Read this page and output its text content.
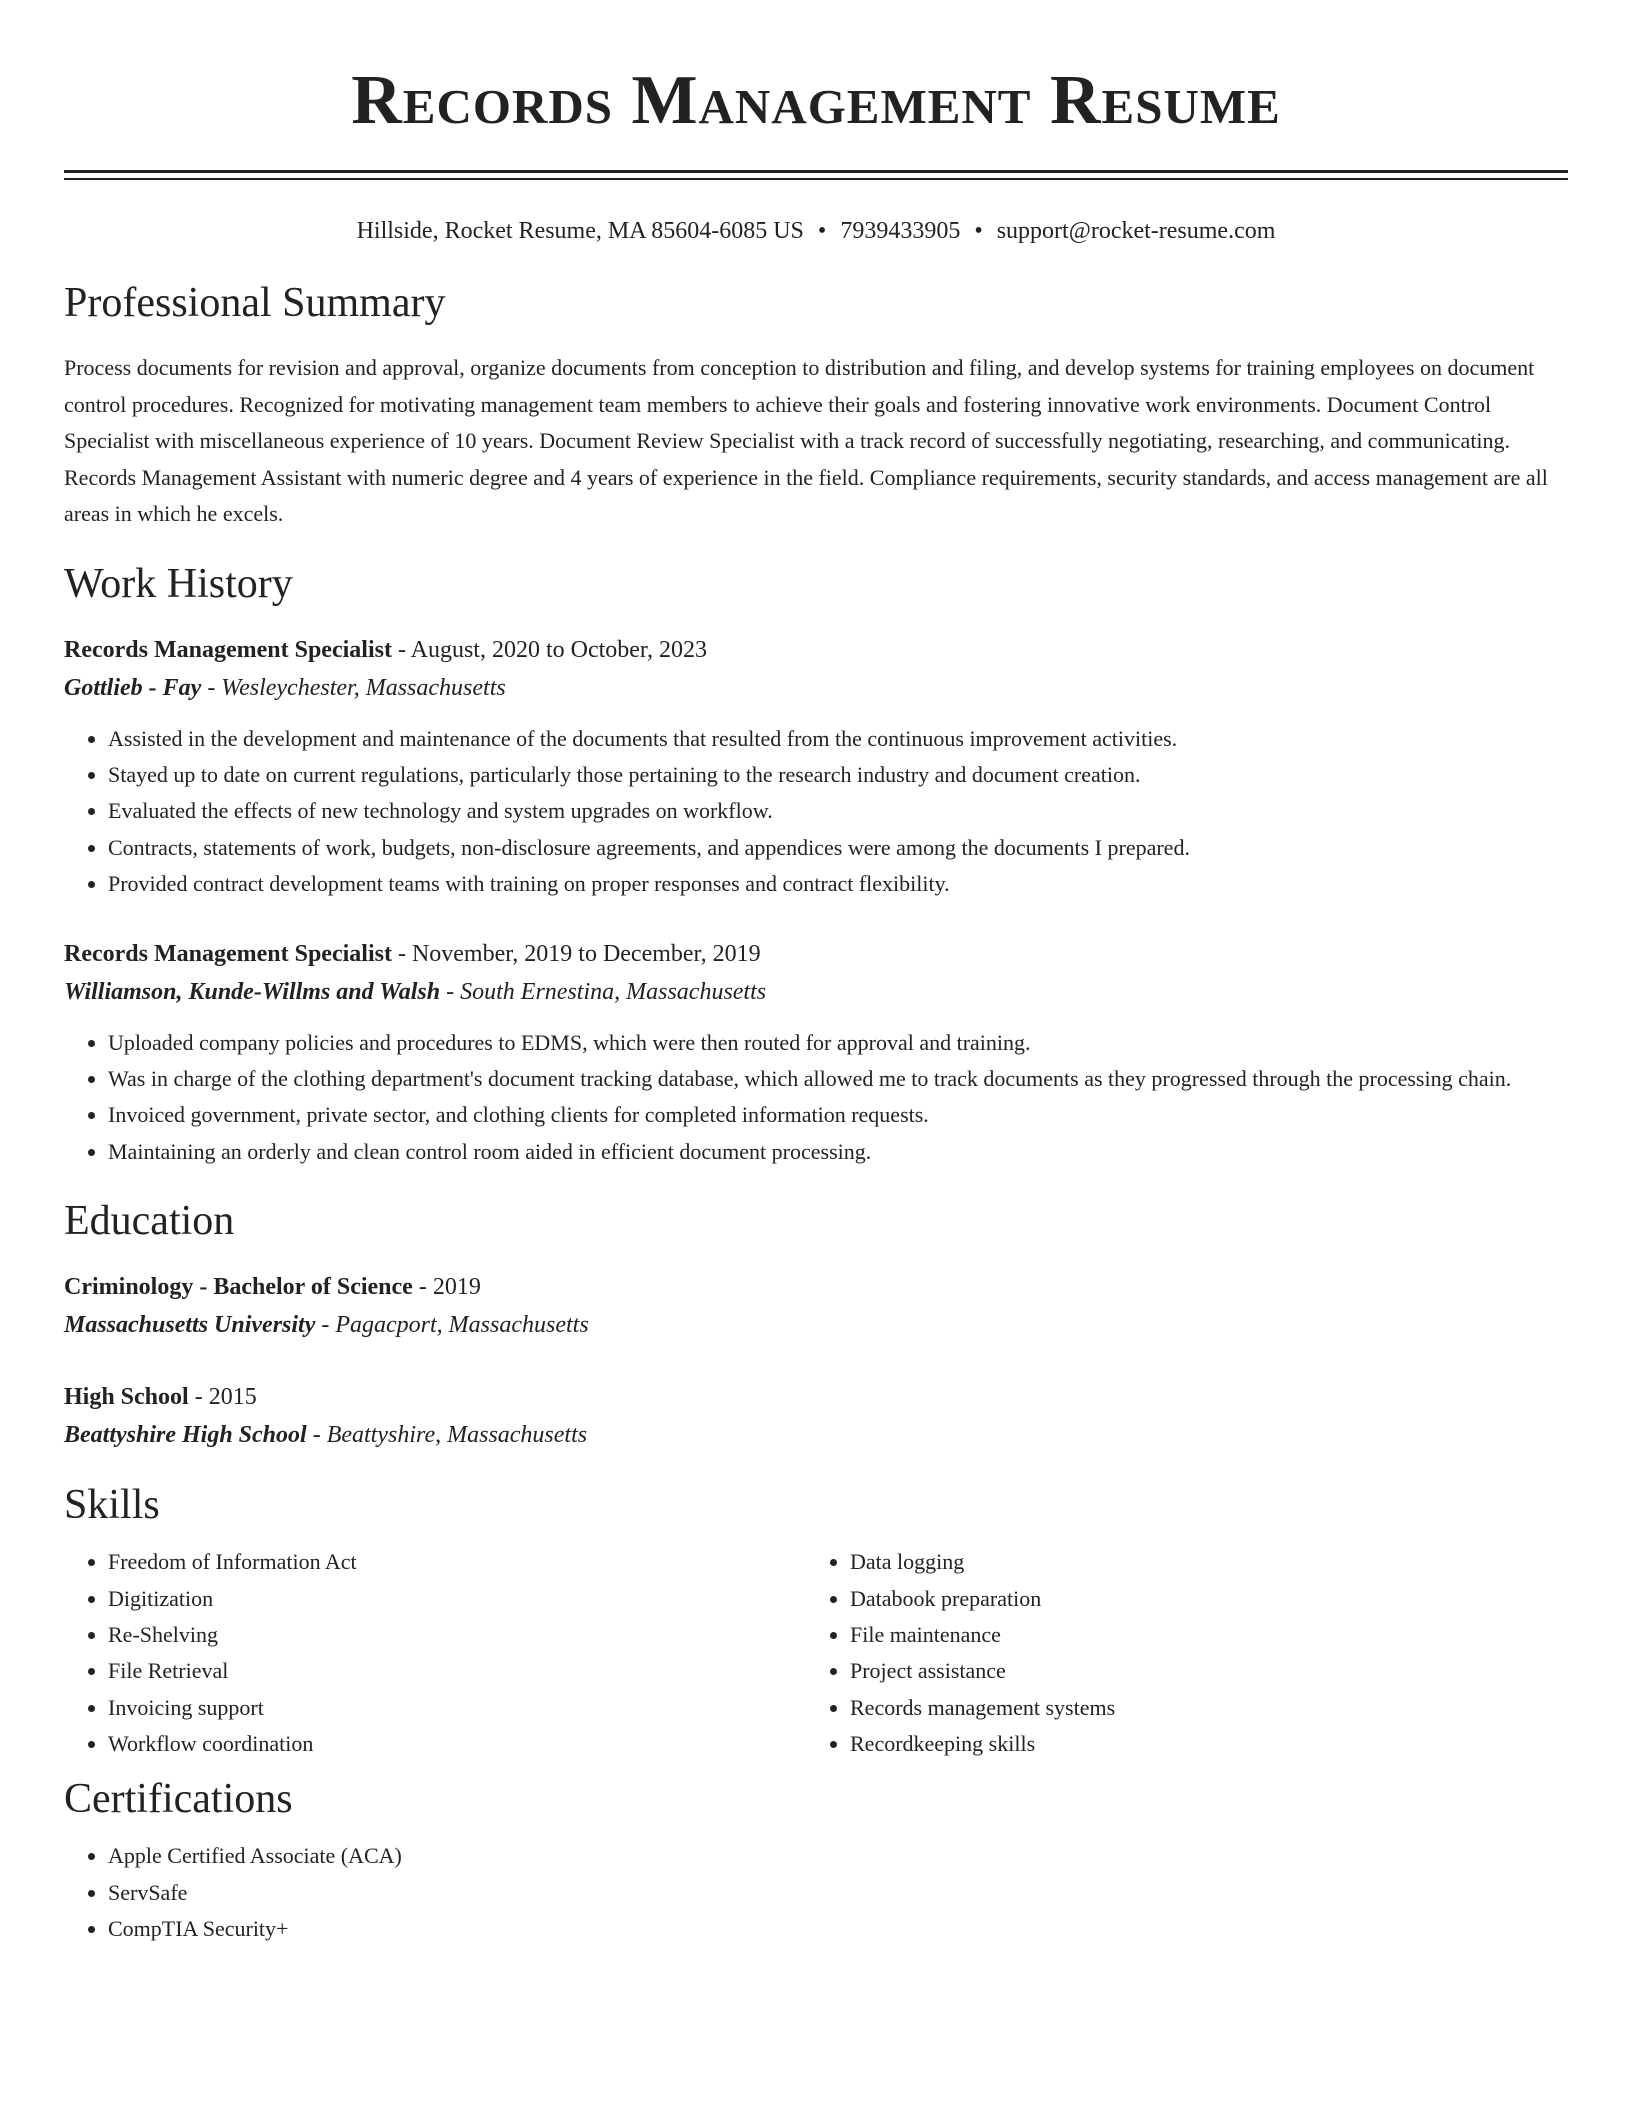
Records Management Resume
Hillside, Rocket Resume, MA 85604-6085 US • 7939433905 • support@rocket-resume.com
Professional Summary

Process documents for revision and approval, organize documents from conception to distribution and filing, and develop systems for training employees on document control procedures. Recognized for motivating management team members to achieve their goals and fostering innovative work environments. Document Control Specialist with miscellaneous experience of 10 years. Document Review Specialist with a track record of successfully negotiating, researching, and communicating. Records Management Assistant with numeric degree and 4 years of experience in the field. Compliance requirements, security standards, and access management are all areas in which he excels.

Work History
Records Management Specialist - August, 2020 to October, 2023
Gottlieb - Fay - Wesleychester, Massachusetts
• Assisted in the development and maintenance of the documents that resulted from the continuous improvement activities.
• Stayed up to date on current regulations, particularly those pertaining to the research industry and document creation.
• Evaluated the effects of new technology and system upgrades on workflow.
• Contracts, statements of work, budgets, non-disclosure agreements, and appendices were among the documents I prepared.
• Provided contract development teams with training on proper responses and contract flexibility.
Records Management Specialist - November, 2019 to December, 2019
Williamson, Kunde-Willms and Walsh - South Ernestina, Massachusetts
• Uploaded company policies and procedures to EDMS, which were then routed for approval and training.
• Was in charge of the clothing department's document tracking database, which allowed me to track documents as they progressed through the processing chain.
• Invoiced government, private sector, and clothing clients for completed information requests.
• Maintaining an orderly and clean control room aided in efficient document processing.
Education
Criminology - Bachelor of Science - 2019
Massachusetts University - Pagacport, Massachusetts
High School - 2015
Beattyshire High School - Beattyshire, Massachusetts
Skills
• Freedom of Information Act
• Digitization
• Re-Shelving
• File Retrieval
• Invoicing support
• Workflow coordination
• Data logging
• Databook preparation
• File maintenance
• Project assistance
• Records management systems
• Recordkeeping skills
Certifications
• Apple Certified Associate (ACA)
• ServSafe
• CompTIA Security+
